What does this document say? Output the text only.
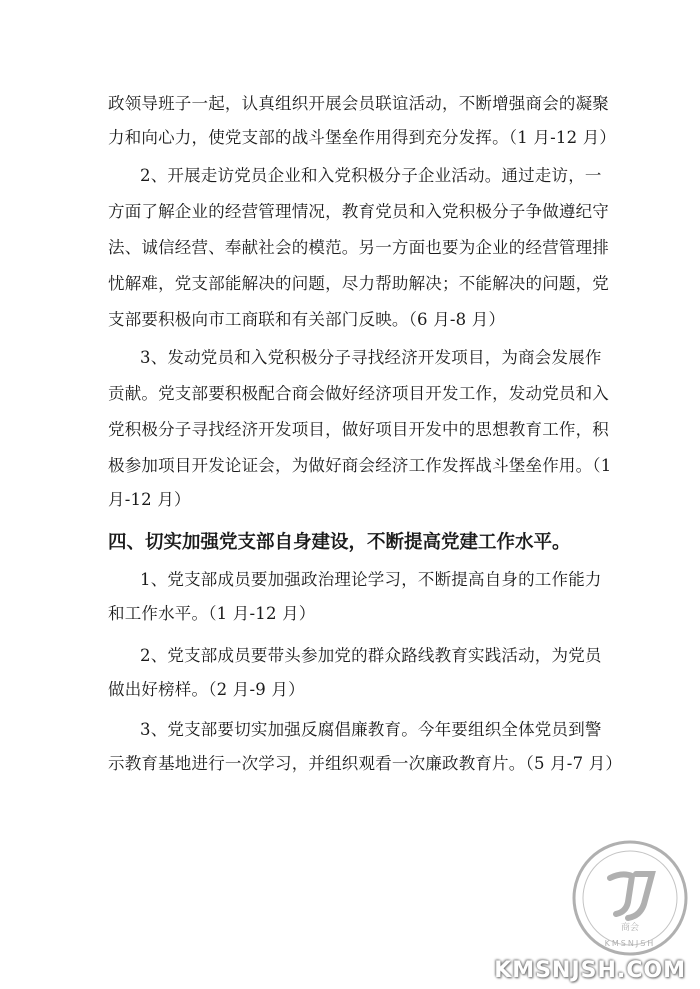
政领导班子一起，认真组织开展会员联谊活动，不断增强商会的凝聚
力和向心力，使党支部的战斗堡垒作用得到充分发挥。（1 月-12 月）
2、开展走访党员企业和入党积极分子企业活动。通过走访，一
方面了解企业的经营管理情况，教育党员和入党积极分子争做遵纪守
法、诚信经营、奉献社会的模范。另一方面也要为企业的经营管理排
忧解难，党支部能解决的问题，尽力帮助解决；不能解决的问题，党
支部要积极向市工商联和有关部门反映。（6 月-8 月）
3、发动党员和入党积极分子寻找经济开发项目，为商会发展作
贡献。党支部要积极配合商会做好经济项目开发工作，发动党员和入
党积极分子寻找经济开发项目，做好项目开发中的思想教育工作，积
极参加项目开发论证会，为做好商会经济工作发挥战斗堡垒作用。（1
月-12 月）
四、切实加强党支部自身建设，不断提高党建工作水平。
1、党支部成员要加强政治理论学习，不断提高自身的工作能力
和工作水平。（1 月-12 月）
2、党支部成员要带头参加党的群众路线教育实践活动，为党员
做出好榜样。（2 月-9 月）
3、党支部要切实加强反腐倡廉教育。今年要组织全体党员到警
示教育基地进行一次学习，并组织观看一次廉政教育片。（5 月-7 月）
商会
KMSNJSH
KMSNJSH.COM
